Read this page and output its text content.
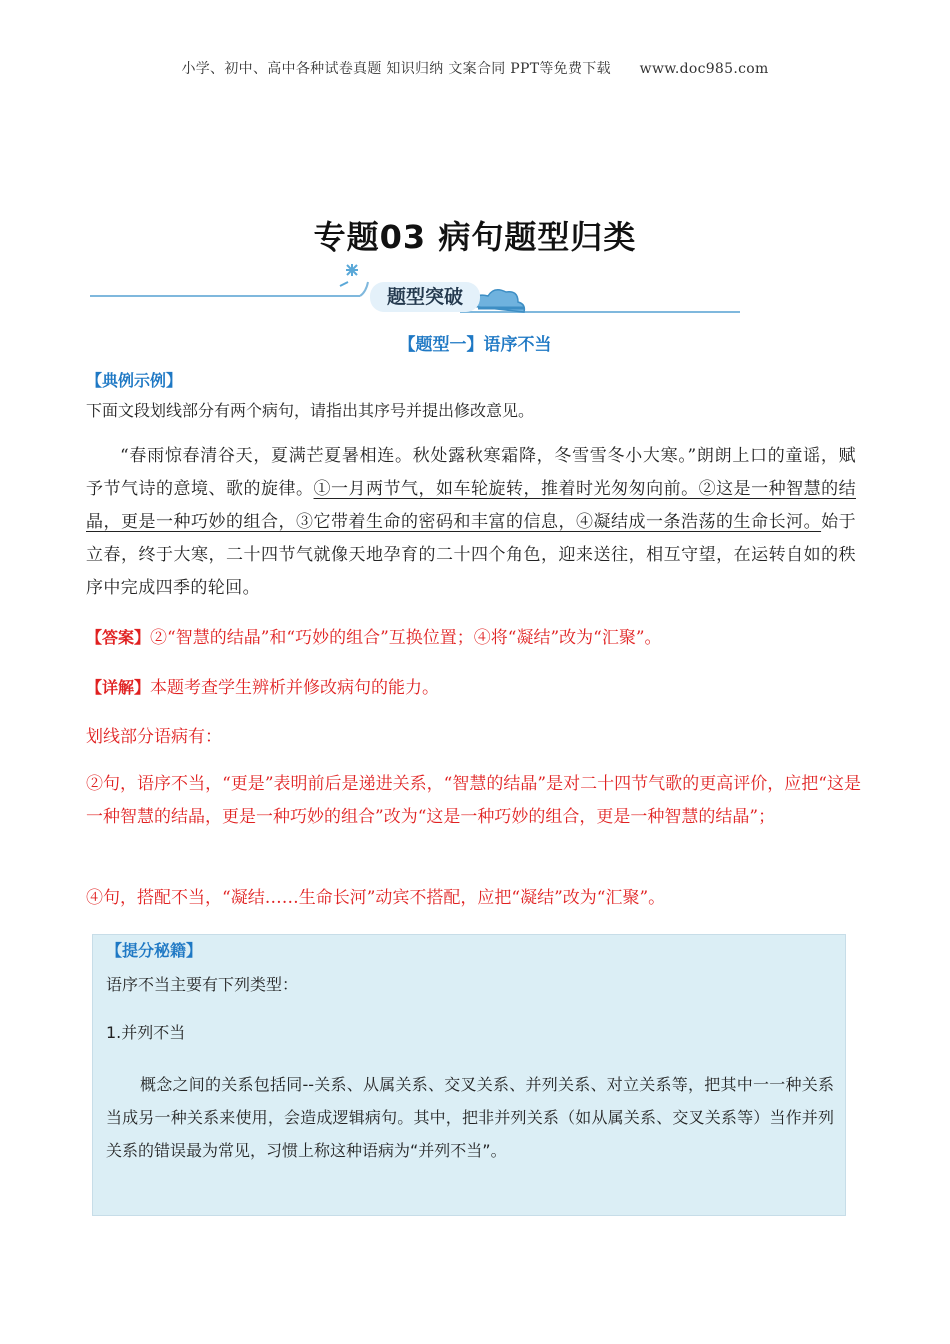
小学、初中、高中各种试卷真题 知识归纳 文案合同 PPT等免费下载 www.doc985.com
专题03 病句题型归类
题型突破
【题型一】语序不当
【典例示例】
下面文段划线部分有两个病句，请指出其序号并提出修改意见。
“春雨惊春清谷天，夏满芒夏暑相连。秋处露秋寒霜降，冬雪雪冬小大寒。”朗朗上口的童谣，赋予节气诗的意境、歌的旋律。①一月两节气，如车轮旋转，推着时光匆匆向前。②这是一种智慧的结晶，更是一种巧妙的组合，③它带着生命的密码和丰富的信息，④凝结成一条浩荡的生命长河。始于立春，终于大寒，二十四节气就像天地孕育的二十四个角色，迎来送往，相互守望，在运转自如的秩序中完成四季的轮回。
【答案】②“智慧的结晶”和“巧妙的组合”互换位置；④将“凝结”改为“汇聚”。
【详解】本题考查学生辨析并修改病句的能力。
划线部分语病有：
②句，语序不当，“更是”表明前后是递进关系，“智慧的结晶”是对二十四节气歌的更高评价，应把“这是一种智慧的结晶，更是一种巧妙的组合”改为“这是一种巧妙的组合，更是一种智慧的结晶”；
④句，搭配不当，“凝结……生命长河”动宾不搭配，应把“凝结”改为“汇聚”。
【提分秘籍】
语序不当主要有下列类型：
1.并列不当
概念之间的关系包括同--关系、从属关系、交叉关系、并列关系、对立关系等，把其中一一种关系当成另一种关系来使用，会造成逻辑病句。其中，把非并列关系（如从属关系、交叉关系等）当作并列关系的错误最为常见，习惯上称这种语病为“并列不当”。
